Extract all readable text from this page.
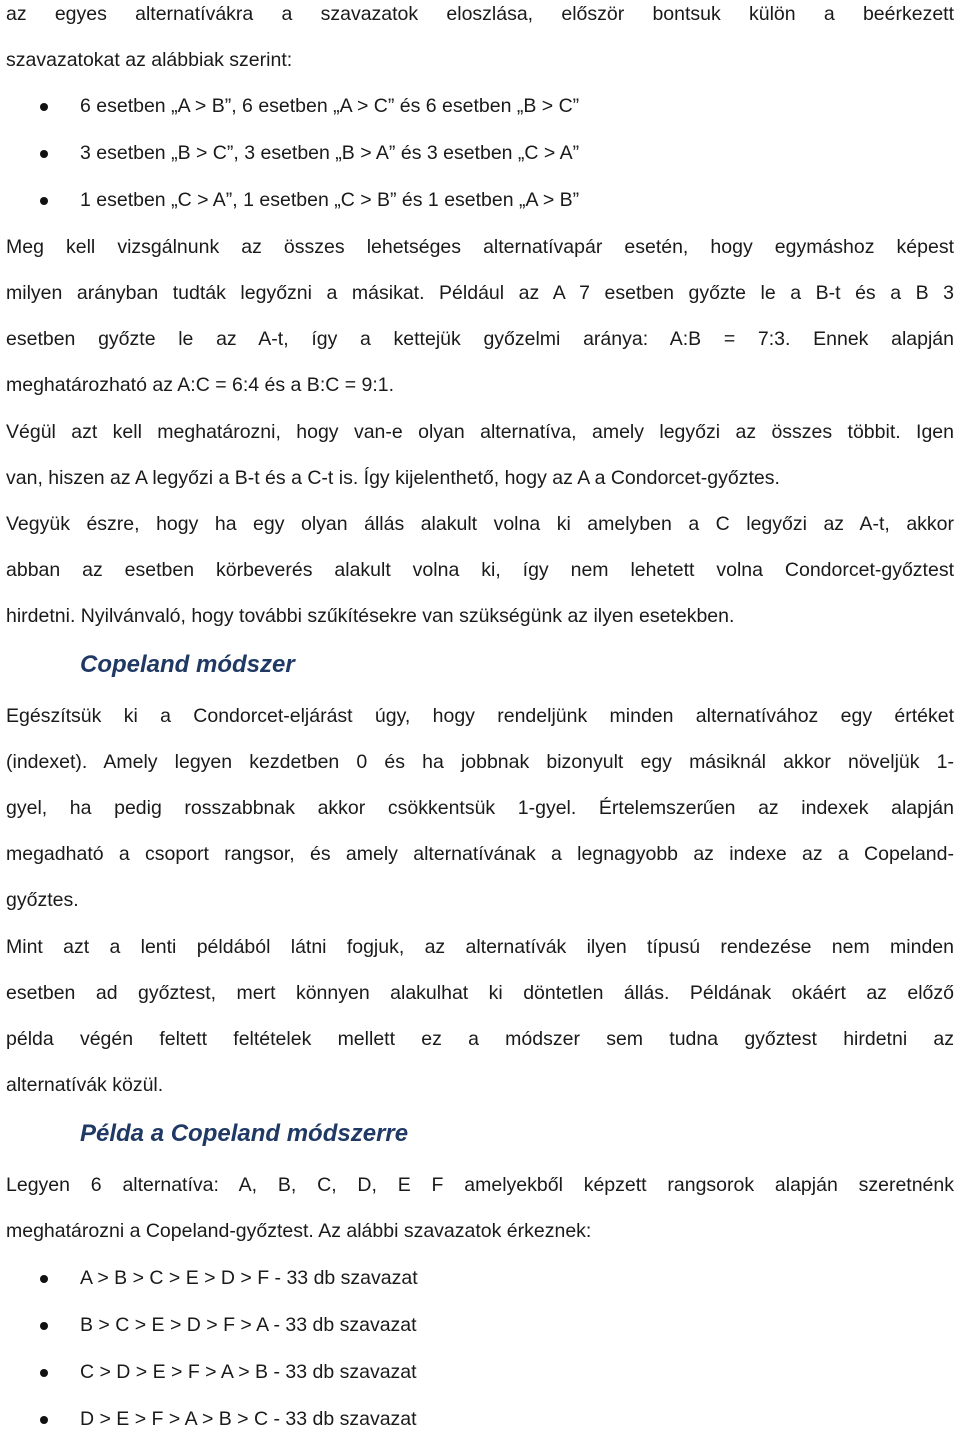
az egyes alternatívákra a szavazatok eloszlása, először bontsuk külön a beérkezett
szavazatokat az alábbiak szerint:
6 esetben „A > B”, 6 esetben „A > C” és 6 esetben „B > C”
3 esetben „B > C”, 3 esetben „B > A” és 3 esetben „C > A”
1 esetben „C > A”, 1 esetben „C > B” és 1 esetben „A > B”
Meg kell vizsgálnunk az összes lehetséges alternatívapár esetén, hogy egymáshoz képest
milyen arányban tudták legyőzni a másikat. Például az A 7 esetben győzte le a B-t és a B 3
esetben győzte le az A-t, így a kettejük győzelmi aránya: A:B = 7:3. Ennek alapján
meghatározható az A:C = 6:4 és a B:C = 9:1.
Végül azt kell meghatározni, hogy van-e olyan alternatíva, amely legyőzi az összes többit. Igen
van, hiszen az A legyőzi a B-t és a C-t is. Így kijelenthető, hogy az A a Condorcet-győztes.
Vegyük észre, hogy ha egy olyan állás alakult volna ki amelyben a C legyőzi az A-t, akkor
abban az esetben körbeverés alakult volna ki, így nem lehetett volna Condorcet-győztest
hirdetni. Nyilvánvaló, hogy további szűkítésekre van szükségünk az ilyen esetekben.
Copeland módszer
Egészítsük ki a Condorcet-eljárást úgy, hogy rendeljünk minden alternatívához egy értéket
(indexet). Amely legyen kezdetben 0 és ha jobbnak bizonyult egy másiknál akkor növeljük 1-
gyel, ha pedig rosszabbnak akkor csökkentsük 1-gyel. Értelemszerűen az indexek alapján
megadható a csoport rangsor, és amely alternatívának a legnagyobb az indexe az a Copeland-
győztes.
Mint azt a lenti példából látni fogjuk, az alternatívák ilyen típusú rendezése nem minden
esetben ad győztest, mert könnyen alakulhat ki döntetlen állás. Példának okáért az előző
példa végén feltett feltételek mellett ez a módszer sem tudna győztest hirdetni az
alternatívák közül.
Példa a Copeland módszerre
Legyen 6 alternatíva: A, B, C, D, E F amelyekből képzett rangsorok alapján szeretnénk
meghatározni a Copeland-győztest. Az alábbi szavazatok érkeznek:
A > B > C > E > D > F - 33 db szavazat
B > C > E > D > F > A - 33 db szavazat
C > D > E > F > A > B - 33 db szavazat
D > E > F > A > B > C - 33 db szavazat
